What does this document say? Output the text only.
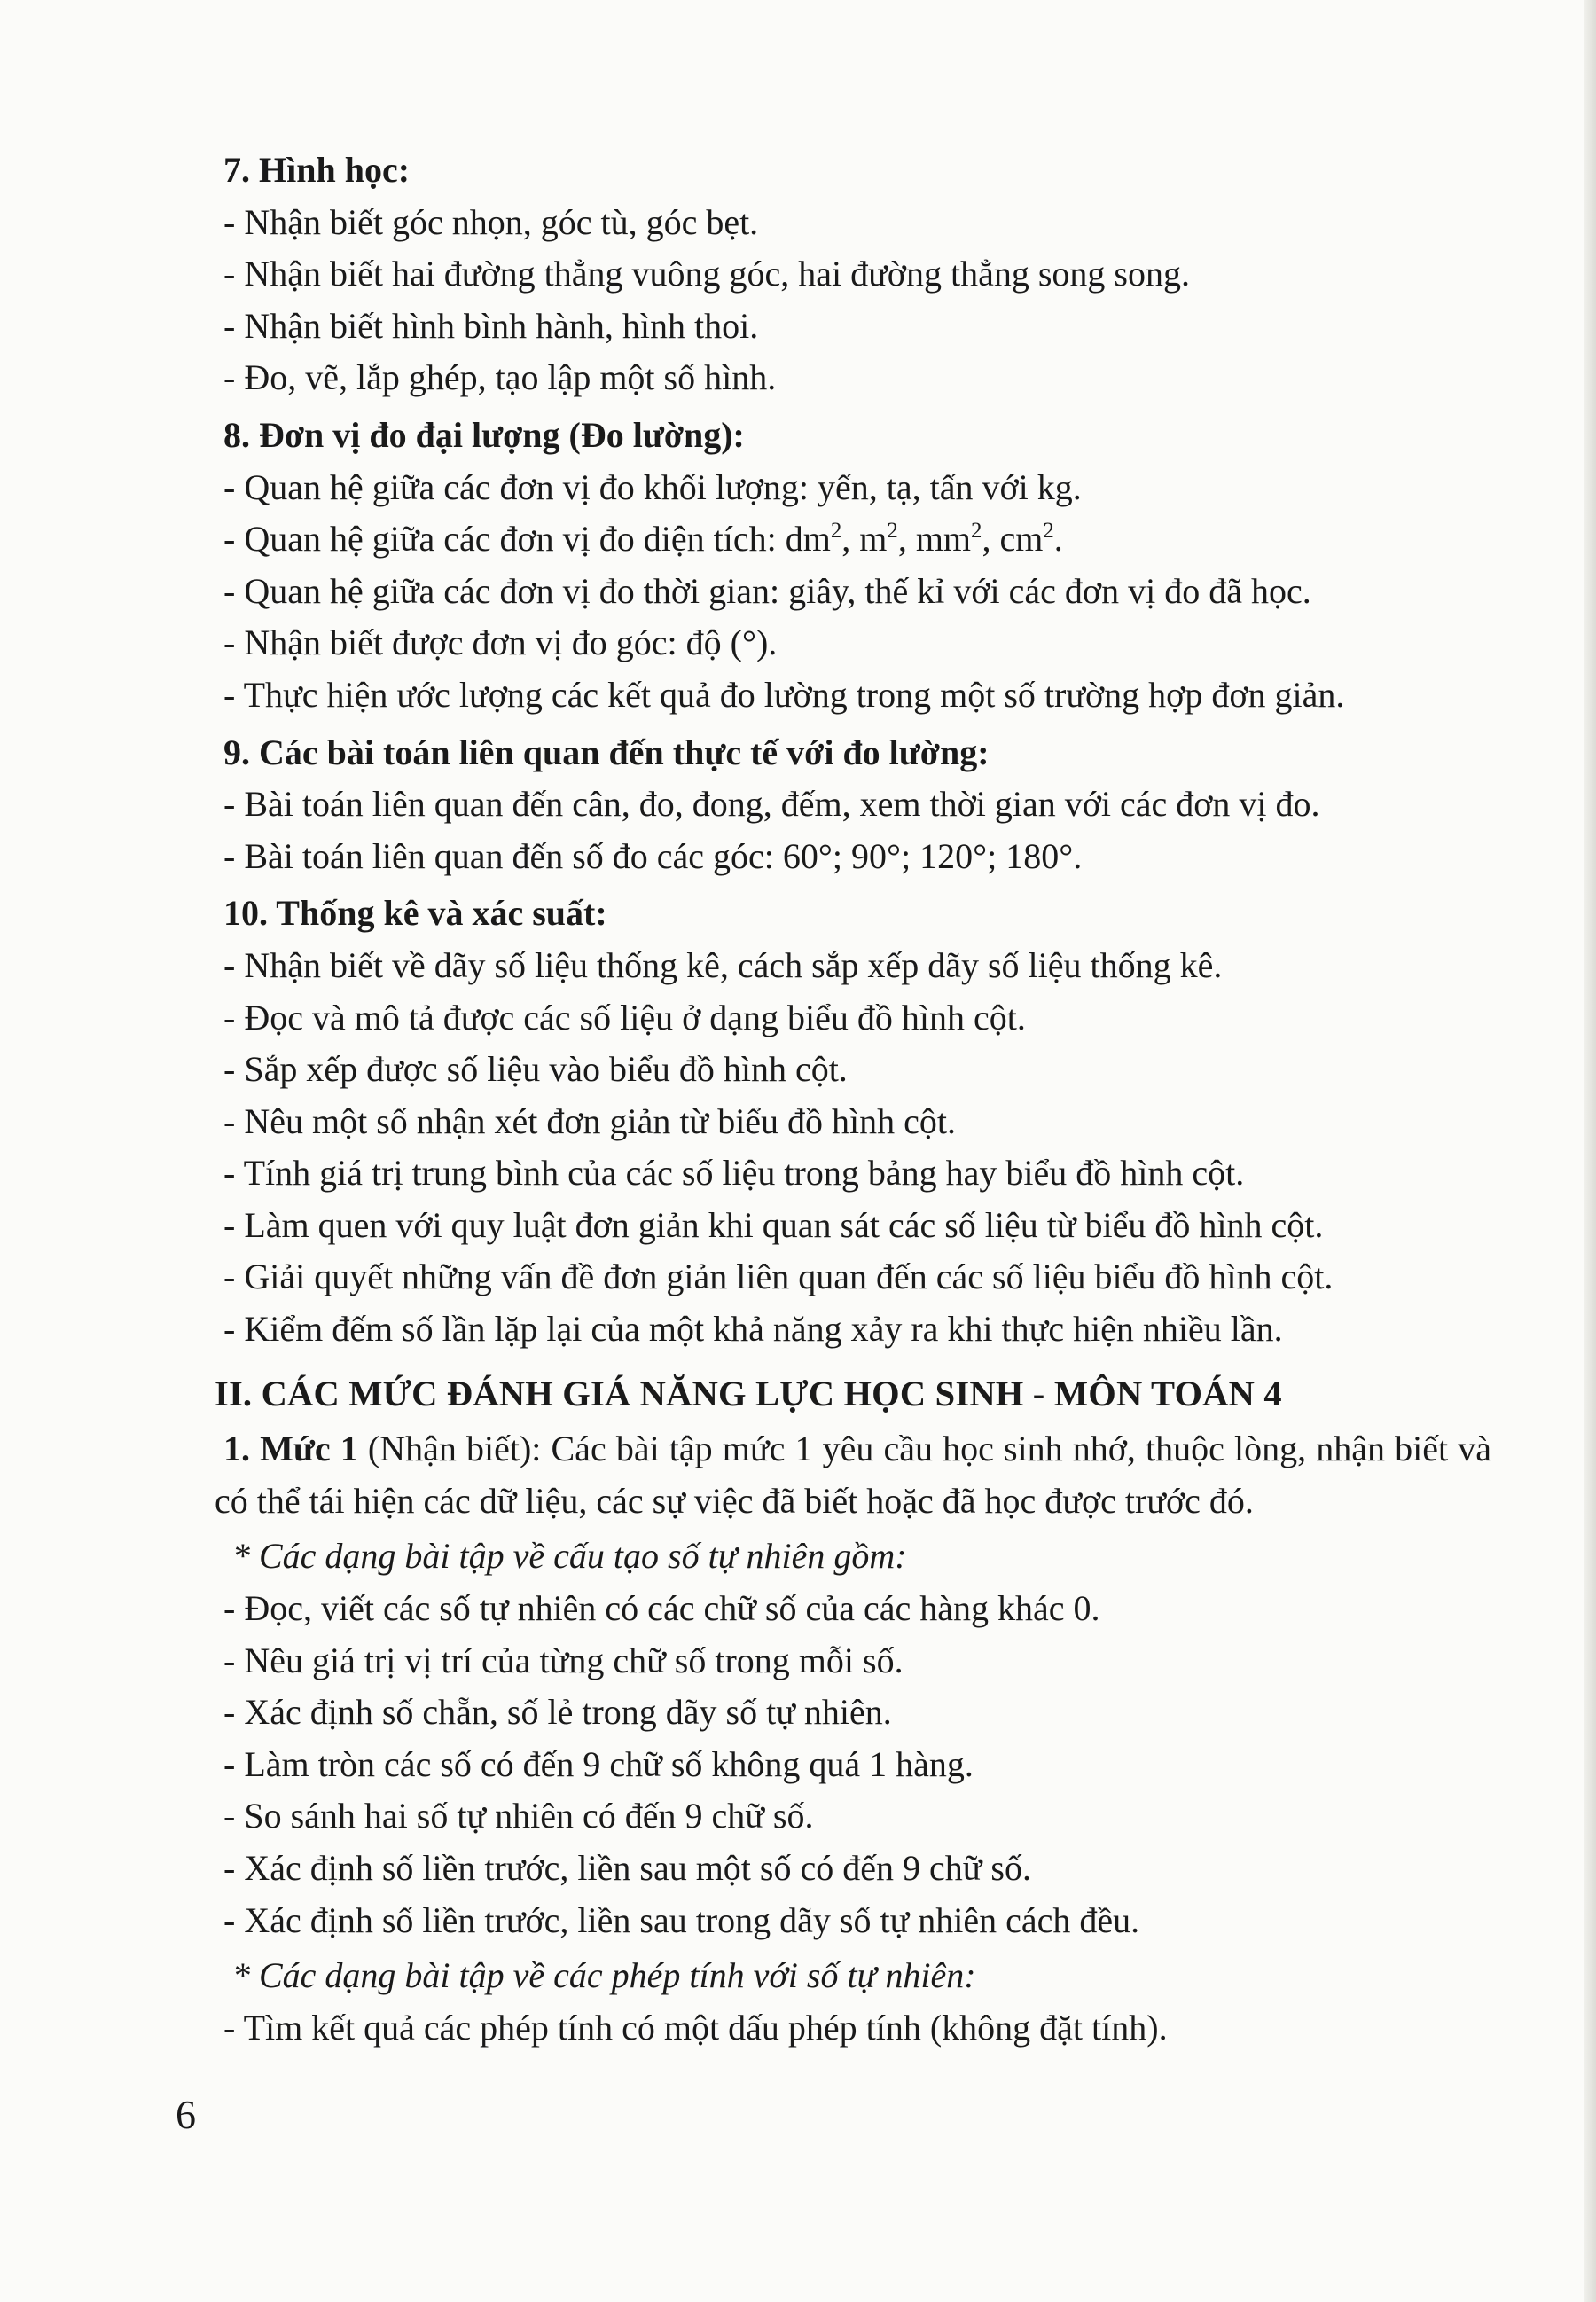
7. Hình học:
- Nhận biết góc nhọn, góc tù, góc bẹt.
- Nhận biết hai đường thẳng vuông góc, hai đường thẳng song song.
- Nhận biết hình bình hành, hình thoi.
- Đo, vẽ, lắp ghép, tạo lập một số hình.
8. Đơn vị đo đại lượng (Đo lường):
- Quan hệ giữa các đơn vị đo khối lượng: yến, tạ, tấn với kg.
- Quan hệ giữa các đơn vị đo diện tích: $dm^2$, $m^2$, $mm^2$, $cm^2$.
- Quan hệ giữa các đơn vị đo thời gian: giây, thế kỉ với các đơn vị đo đã học.
- Nhận biết được đơn vị đo góc: độ (°).
- Thực hiện ước lượng các kết quả đo lường trong một số trường hợp đơn giản.
9. Các bài toán liên quan đến thực tế với đo lường:
- Bài toán liên quan đến cân, đo, đong, đếm, xem thời gian với các đơn vị đo.
- Bài toán liên quan đến số đo các góc: 60°; 90°; 120°; 180°.
10. Thống kê và xác suất:
- Nhận biết về dãy số liệu thống kê, cách sắp xếp dãy số liệu thống kê.
- Đọc và mô tả được các số liệu ở dạng biểu đồ hình cột.
- Sắp xếp được số liệu vào biểu đồ hình cột.
- Nêu một số nhận xét đơn giản từ biểu đồ hình cột.
- Tính giá trị trung bình của các số liệu trong bảng hay biểu đồ hình cột.
- Làm quen với quy luật đơn giản khi quan sát các số liệu từ biểu đồ hình cột.
- Giải quyết những vấn đề đơn giản liên quan đến các số liệu biểu đồ hình cột.
- Kiểm đếm số lần lặp lại của một khả năng xảy ra khi thực hiện nhiều lần.
II. CÁC MỨC ĐÁNH GIÁ NĂNG LỰC HỌC SINH - MÔN TOÁN 4
1. Mức 1 (Nhận biết): Các bài tập mức 1 yêu cầu học sinh nhớ, thuộc lòng, nhận biết và có thể tái hiện các dữ liệu, các sự việc đã biết hoặc đã học được trước đó.
* Các dạng bài tập về cấu tạo số tự nhiên gồm:
- Đọc, viết các số tự nhiên có các chữ số của các hàng khác 0.
- Nêu giá trị vị trí của từng chữ số trong mỗi số.
- Xác định số chẵn, số lẻ trong dãy số tự nhiên.
- Làm tròn các số có đến 9 chữ số không quá 1 hàng.
- So sánh hai số tự nhiên có đến 9 chữ số.
- Xác định số liền trước, liền sau một số có đến 9 chữ số.
- Xác định số liền trước, liền sau trong dãy số tự nhiên cách đều.
* Các dạng bài tập về các phép tính với số tự nhiên:
- Tìm kết quả các phép tính có một dấu phép tính (không đặt tính).
6
